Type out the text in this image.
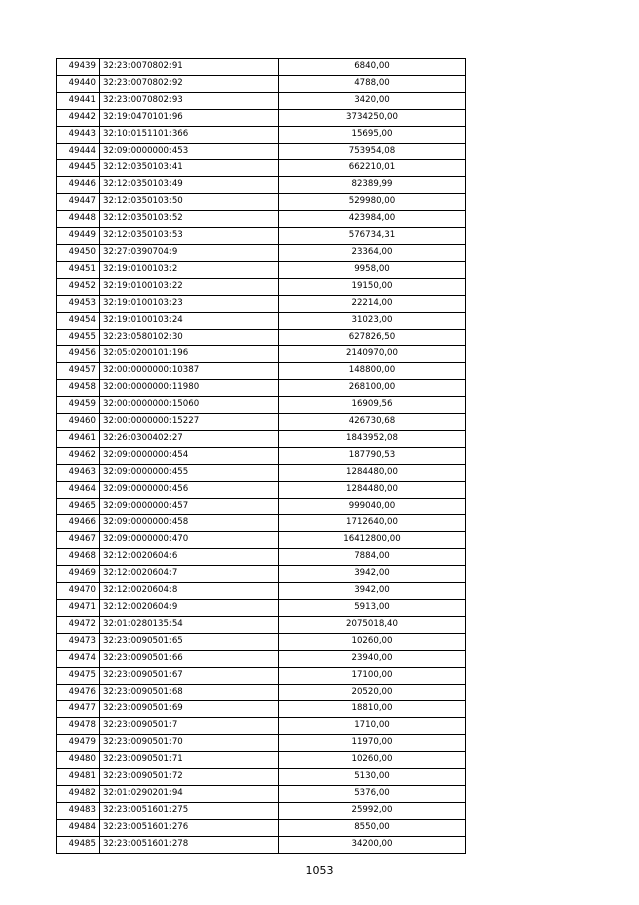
49439	32:23:0070802:91	6840,00
49440	32:23:0070802:92	4788,00
49441	32:23:0070802:93	3420,00
49442	32:19:0470101:96	3734250,00
49443	32:10:0151101:366	15695,00
49444	32:09:0000000:453	753954,08
49445	32:12:0350103:41	662210,01
49446	32:12:0350103:49	82389,99
49447	32:12:0350103:50	529980,00
49448	32:12:0350103:52	423984,00
49449	32:12:0350103:53	576734,31
49450	32:27:0390704:9	23364,00
49451	32:19:0100103:2	9958,00
49452	32:19:0100103:22	19150,00
49453	32:19:0100103:23	22214,00
49454	32:19:0100103:24	31023,00
49455	32:23:0580102:30	627826,50
49456	32:05:0200101:196	2140970,00
49457	32:00:0000000:10387	148800,00
49458	32:00:0000000:11980	268100,00
49459	32:00:0000000:15060	16909,56
49460	32:00:0000000:15227	426730,68
49461	32:26:0300402:27	1843952,08
49462	32:09:0000000:454	187790,53
49463	32:09:0000000:455	1284480,00
49464	32:09:0000000:456	1284480,00
49465	32:09:0000000:457	999040,00
49466	32:09:0000000:458	1712640,00
49467	32:09:0000000:470	16412800,00
49468	32:12:0020604:6	7884,00
49469	32:12:0020604:7	3942,00
49470	32:12:0020604:8	3942,00
49471	32:12:0020604:9	5913,00
49472	32:01:0280135:54	2075018,40
49473	32:23:0090501:65	10260,00
49474	32:23:0090501:66	23940,00
49475	32:23:0090501:67	17100,00
49476	32:23:0090501:68	20520,00
49477	32:23:0090501:69	18810,00
49478	32:23:0090501:7	1710,00
49479	32:23:0090501:70	11970,00
49480	32:23:0090501:71	10260,00
49481	32:23:0090501:72	5130,00
49482	32:01:0290201:94	5376,00
49483	32:23:0051601:275	25992,00
49484	32:23:0051601:276	8550,00
49485	32:23:0051601:278	34200,00
1053
